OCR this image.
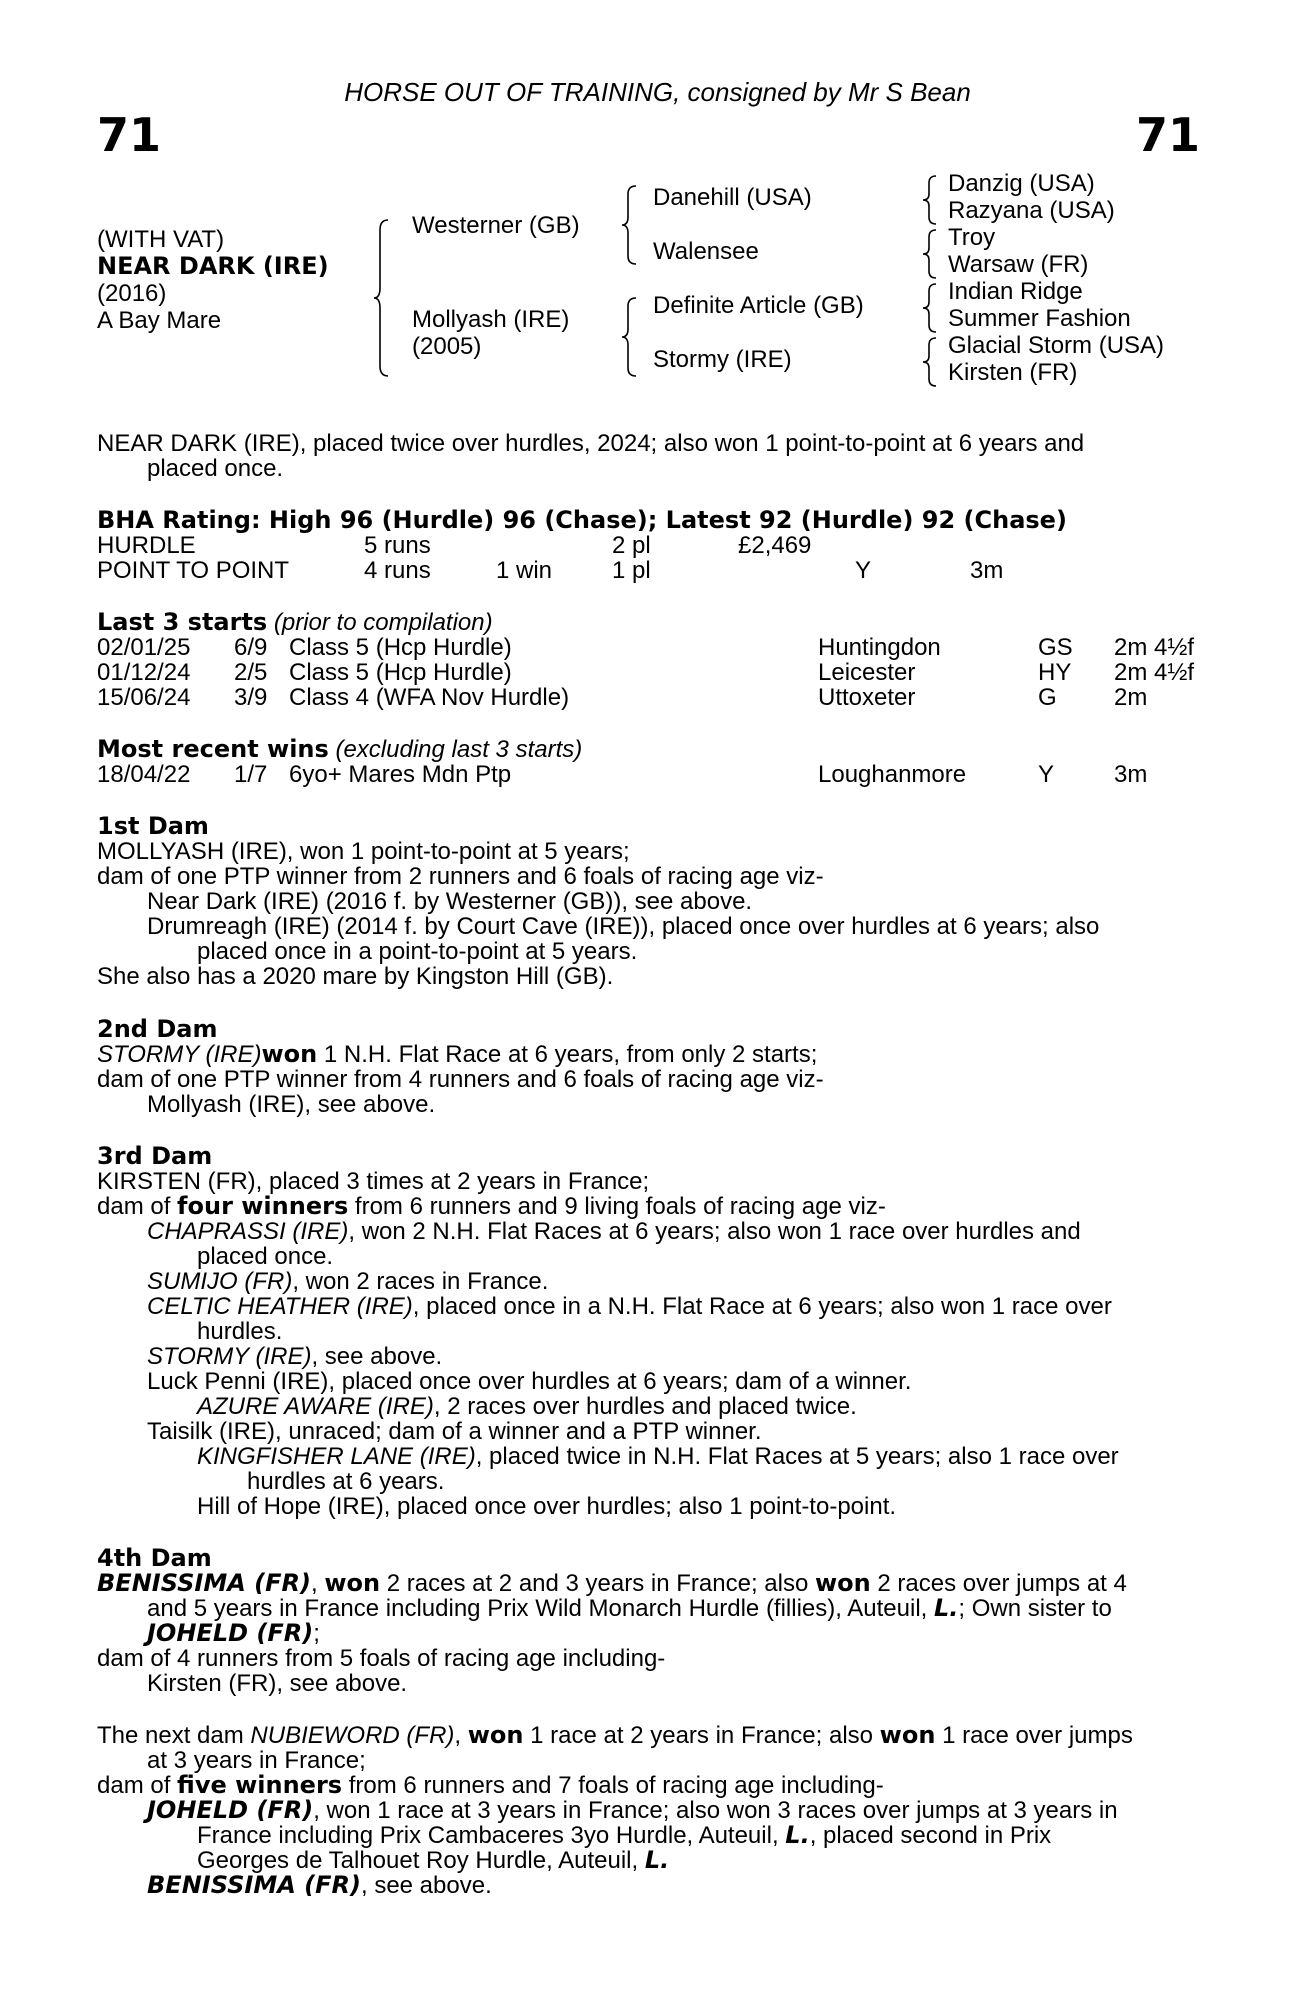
71	71
HORSE OUT OF TRAINING, consigned by Mr S Bean
(WITH VAT)
NEAR DARK (IRE)
(2016)
A Bay Mare
Westerner (GB)
Mollyash (IRE)
(2005)
Danehill (USA)
Walensee
Definite Article (GB)
Stormy (IRE)
Danzig (USA)
Razyana (USA)
Troy
Warsaw (FR)
Indian Ridge
Summer Fashion
Glacial Storm (USA)
Kirsten (FR)
NEAR DARK (IRE), placed twice over hurdles, 2024; also won 1 point-to-point at 6 years and
placed once.
BHA Rating: High 96 (Hurdle) 96 (Chase); Latest 92 (Hurdle) 92 (Chase)
HURDLE	5 runs	2 pl	£2,469
POINT TO POINT	4 runs	1 win 1 pl	Y	3m
Last 3 starts (prior to compilation)
02/01/25 6/9 Class 5 (Hcp Hurdle)	Huntingdon	GS 2m 4½f
01/12/24 2/5 Class 5 (Hcp Hurdle)	Leicester	HY 2m 4½f
15/06/24 3/9 Class 4 (WFA Nov Hurdle)	Uttoxeter	G 2m
Most recent wins (excluding last 3 starts)
18/04/22 1/7 6yo+ Mares Mdn Ptp	Loughanmore	Y 3m
1st Dam
MOLLYASH (IRE), won 1 point-to-point at 5 years;
dam of one PTP winner from 2 runners and 6 foals of racing age viz-
Near Dark (IRE) (2016 f. by Westerner (GB)), see above.
Drumreagh (IRE) (2014 f. by Court Cave (IRE)), placed once over hurdles at 6 years; also
placed once in a point-to-point at 5 years.
She also has a 2020 mare by Kingston Hill (GB).
2nd Dam
STORMY (IRE)won 1 N.H. Flat Race at 6 years, from only 2 starts;
dam of one PTP winner from 4 runners and 6 foals of racing age viz-
Mollyash (IRE), see above.
3rd Dam
KIRSTEN (FR), placed 3 times at 2 years in France;
dam of four winners from 6 runners and 9 living foals of racing age viz-
CHAPRASSI (IRE), won 2 N.H. Flat Races at 6 years; also won 1 race over hurdles and
placed once.
SUMIJO (FR), won 2 races in France.
CELTIC HEATHER (IRE), placed once in a N.H. Flat Race at 6 years; also won 1 race over
hurdles.
STORMY (IRE), see above.
Luck Penni (IRE), placed once over hurdles at 6 years; dam of a winner.
AZURE AWARE (IRE), 2 races over hurdles and placed twice.
Taisilk (IRE), unraced; dam of a winner and a PTP winner.
KINGFISHER LANE (IRE), placed twice in N.H. Flat Races at 5 years; also 1 race over
hurdles at 6 years.
Hill of Hope (IRE), placed once over hurdles; also 1 point-to-point.
4th Dam
BENISSIMA (FR), won 2 races at 2 and 3 years in France; also won 2 races over jumps at 4
and 5 years in France including Prix Wild Monarch Hurdle (fillies), Auteuil, L.; Own sister to
JOHELD (FR);
dam of 4 runners from 5 foals of racing age including-
Kirsten (FR), see above.
The next dam NUBIEWORD (FR), won 1 race at 2 years in France; also won 1 race over jumps
at 3 years in France;
dam of five winners from 6 runners and 7 foals of racing age including-
JOHELD (FR), won 1 race at 3 years in France; also won 3 races over jumps at 3 years in
France including Prix Cambaceres 3yo Hurdle, Auteuil, L., placed second in Prix
Georges de Talhouet Roy Hurdle, Auteuil, L.
BENISSIMA (FR), see above.
